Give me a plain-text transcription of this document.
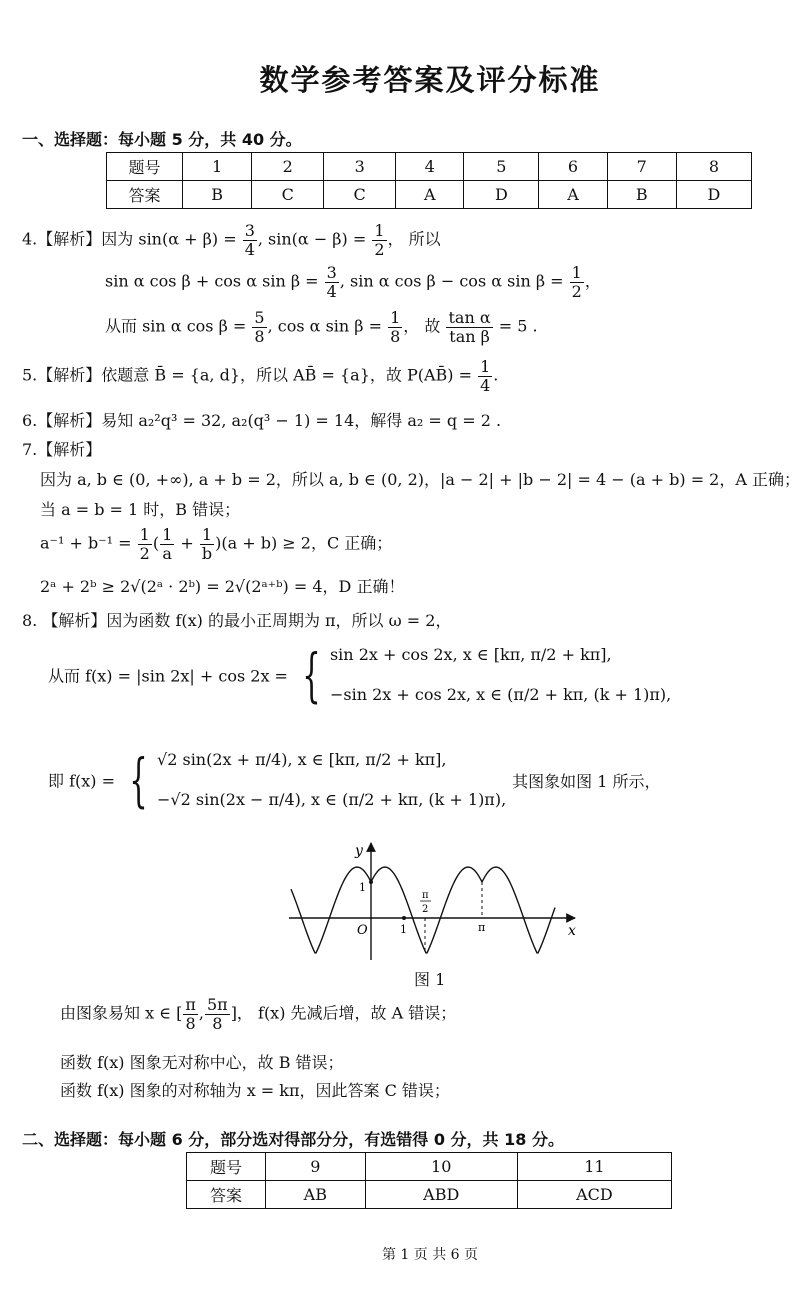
数学参考答案及评分标准
一、选择题：每小题 5 分，共 40 分。
题号	1	2	3	4	5	6	7	8
答案	B	C	C	A	D	A	B	D
4.【解析】因为 $\sin(\alpha + \beta) = \frac{3}{4}$ , $\sin(\alpha - \beta) = \frac{1}{2}$ ， 所以
sin α cos β + cos α $\sin \beta = \frac{3}{4}$ , sin α cos β − cos α $\sin \beta = \frac{1}{2}$ ，
从而 sin α $\cos \beta = \frac{5}{8}$ , cos α $\sin \beta = \frac{1}{8}$ ， 故 $\frac{\text{tan α}}{\text{tan β}} = 5$ .
5.【解析】依题意 B̄ = {a, d}，所以 AB̄ = {a}，故 P(AB̄) = $\frac{1}{4}$ .
6.【解析】易知 a₂²q³ = 32, a₂(q³ − 1) = 14，解得 a₂ = q = 2 .
7.【解析】
因为 a, b ∈ (0, +∞), a + b = 2，所以 a, b ∈ (0, 2)，|a − 2| + |b − 2| = 4 − (a + b) = 2，A 正确；
当 a = b = 1 时，B 错误；
$a^{-1} + b^{-1} = \frac{1}{2}$ ( $\frac{1}{a} + \frac{1}{b} )(a + b) \ge 2$，C 正确；
2ᵃ + 2ᵇ ≥ 2√(2ᵃ · 2ᵇ) = 2√(2ᵃ⁺ᵇ) = 4，D 正确！
8. 【解析】因为函数 f(x) 的最小正周期为 π，所以 ω = 2，
从而 f(x) = |sin 2x| + cos 2x = { sin 2x + cos 2x, x ∈ [kπ, π/2 + kπ],
−sin 2x + cos 2x, x ∈ (π/2 + kπ, (k + 1)π),
即 f(x) = { √2 sin(2x + π/4), x ∈ [kπ, π/2 + kπ],
−√2 sin(2x − π/4), x ∈ (π/2 + kπ, (k + 1)π),
其图象如图 1 所示，
y
x
O
1
1	π
π
2
图 1
由图象易知 x ∈ [ $\frac{\pi}{8}$ , $\frac{5\pi}{8}$ ]， f(x) 先减后增，故 A 错误；
函数 f(x) 图象无对称中心，故 B 错误；
函数 f(x) 图象的对称轴为 x = kπ，因此答案 C 错误；
二、选择题：每小题 6 分，部分选对得部分分，有选错得 0 分，共 18 分。
题号	9	10	11
答案	AB	ABD	ACD
第 1 页 共 6 页
